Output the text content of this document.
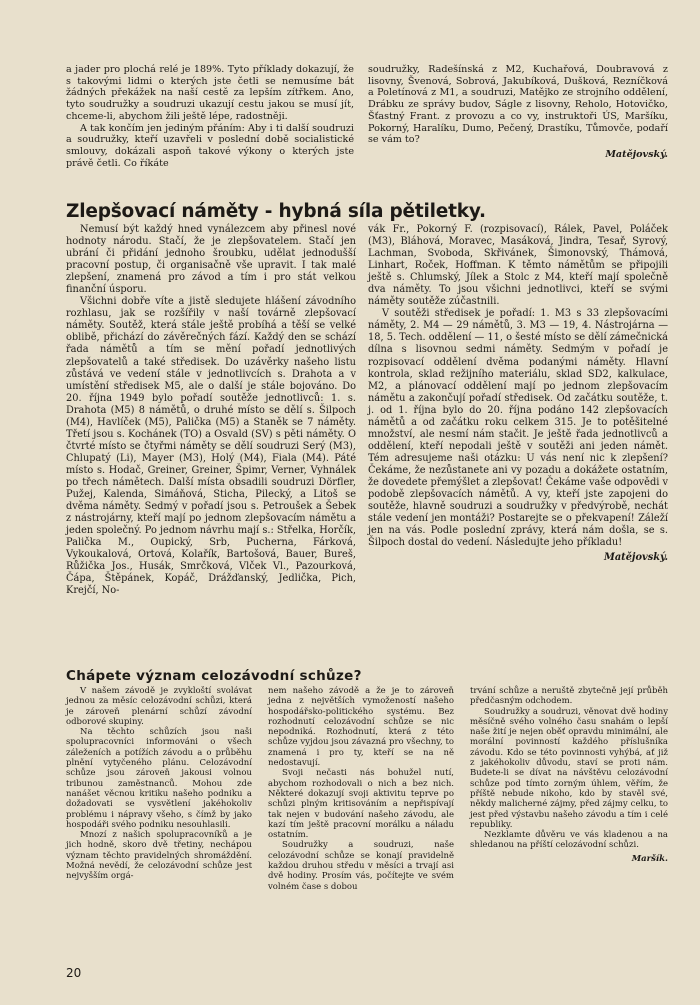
a jader pro plochá relé je 189%. Tyto příklady dokazují, že s takovými lidmi o kterých jste četli se nemusíme bát žádných překážek na naší cestě za lepším zítřkem. Ano, tyto soudružky a soudruzi ukazují cestu jakou se musí jít, chceme-li, abychom žili ještě lépe, radostněji.

A tak končím jen jediným přáním: Aby i ti další soudruzi a soudružky, kteří uzavřeli v poslední době socialistické smlouvy, dokázali aspoň takové výkony o kterých jste právě četli. Co říkáte

soudružky, Radešínská z M2, Kuchařová, Doubravová z lisovny, Švenová, Sobrová, Jakubíková, Dušková, Rezníčková a Poletínová z M1, a soudruzi, Matějko ze strojního oddělení, Drábku ze správy budov, Ságle z lisovny, Reholo, Hotovičko, Šťastný Frant. z provozu a co vy, instruktoři ÚS, Maršíku, Pokorný, Haralíku, Dumo, Pečený, Drastíku, Tůmovče, podaří se vám to?

Matějovský.
Zlepšovací náměty - hybná síla pětiletky.

Nemusí být každý hned vynálezcem aby přinesl nové hodnoty národu. Stačí, že je zlepšovatelem. Stačí jen ubrání či přidání jednoho šroubku, udělat jednodušší pracovní postup, či organisačně vše upravit. I tak malé zlepšení, znamená pro závod a tím i pro stát velkou finanční úsporu.

Všichni dobře víte a jistě sledujete hlášení závodního rozhlasu, jak se rozšířily v naší továrně zlepšovací náměty. Soutěž, která stále ještě probíhá a těší se velké oblibě, přichází do závěrečných fází. Každý den se schází řada námětů a tím se mění pořadí jednotlivých zlepšovatelů a také středisek. Do uzávěrky našeho listu zůstává ve vedení stále v jednotlivcích s. Drahota a v umístění středisek M5, ale o další je stále bojováno. Do 20. října 1949 bylo pořadí soutěže jednotlivců: 1. s. Drahota (M5) 8 námětů, o druhé místo se dělí s. Šilpoch (M4), Havlíček (M5), Palička (M5) a Staněk se 7 náměty. Třetí jsou s. Kochánek (TO) a Osvald (SV) s pěti náměty. O čtvrté místo se čtyřmi náměty se dělí soudruzi Serý (M3), Chlupatý (Li), Mayer (M3), Holý (M4), Fiala (M4). Páté místo s. Hodač, Greiner, Greiner, Špimr, Verner, Vyhnálek po třech námětech. Další místa obsadili soudruzi Dörfler, Pužej, Kalenda, Simáňová, Sticha, Pilecký, a Litoš se dvěma náměty. Sedmý v pořadí jsou s. Petroušek a Šebek z nástrojárny, kteří mají po jednom zlepšovacím námětu a jeden společný. Po jednom návrhu mají s.: Střelka, Horčík, Palička M., Oupický, Srb, Pucherna, Fárková, Vykoukalová, Ortová, Kolařík, Bartošová, Bauer, Bureš, Růžička Jos., Husák, Smrčková, Vlček Vl., Pazourková, Čápa, Štěpánek, Kopáč, Drážďanský, Jedlička, Pich, Krejčí, No-

vák Fr., Pokorný F. (rozpisovací), Rálek, Pavel, Poláček (M3), Bláhová, Moravec, Masáková, Jindra, Tesař, Syrový, Lachman, Svoboda, Skřivánek, Šimonovský, Thámová, Linhart, Roček, Hoffman. K těmto námětům se připojili ještě s. Chlumský, Jílek a Stolc z M4, kteří mají společně dva náměty. To jsou všichni jednotlivci, kteří se svými náměty soutěže zúčastnili.

V soutěži středisek je pořadí: 1. M3 s 33 zlepšovacími náměty, 2. M4 — 29 námětů, 3. M3 — 19, 4. Nástrojárna — 18, 5. Tech. oddělení — 11, o šesté místo se dělí zámečnická dílna s lisovnou sedmi náměty. Sedmým v pořadí je rozpisovací oddělení dvěma podanými náměty. Hlavní kontrola, sklad režijního materiálu, sklad SD2, kalkulace, M2, a plánovací oddělení mají po jednom zlepšovacím námětu a zakončují pořadí středisek. Od začátku soutěže, t. j. od 1. října bylo do 20. října podáno 142 zlepšovacích námětů a od začátku roku celkem 315. Je to potěšitelné množství, ale nesmí nám stačit. Je ještě řada jednotlivců a oddělení, kteří nepodali ještě v soutěži ani jeden námět. Tém adresujeme naši otázku: U vás není nic k zlepšení? Čekáme, že nezůstanete ani vy pozadu a dokážete ostatním, že dovedete přemýšlet a zlepšovat! Čekáme vaše odpovědi v podobě zlepšovacích námětů. A vy, kteří jste zapojeni do soutěže, hlavně soudruzi a soudružky v předvýrobě, nechát stále vedení jen montáži? Postarejte se o překvapení! Záleží jen na vás. Podle poslední zprávy, která nám došla, se s. Šilpoch dostal do vedení. Následujte jeho příkladu!

Matějovský.
Chápete význam celozávodní schůze?

V našem závodě je zvykloští svolávat jednou za měsíc celozávodní schůzi, která je zároveň plenární schůzí závodní odborové skupiny.

Na těchto schůzích jsou naši spolupracovníci informováni o všech záleženích a potížích závodu a o průběhu plnění vytyčeného plánu. Celozávodní schůze jsou zároveň jakousi volnou tribunou zaměstnanců. Mohou zde nanášet věcnou kritiku našeho podniku a dožadovati se vysvětlení jakéhokoliv problému i nápravy všeho, s čímž by jako hospodáři svého podniku nesouhlasili.

Mnozí z našich spolupracovníků a je jich hodně, skoro dvě třetiny, nechápou význam těchto pravidelných shromáždění. Možná nevědí, že celozávodní schůze jest nejvyšším orgá-

nem našeho závodě a že je to zároveň jedna z největších vymožeností našeho hospodářsko-politického systému. Bez rozhodnutí celozávodní schůze se nic nepodniká. Rozhodnutí, která z této schůze vyjdou jsou závazná pro všechny, to znamená i pro ty, kteří se na ně nedostavují.

Svoji nečasti nás bohužel nutí, abychom rozhodovali o nich a bez nich. Některé dokazují svoji aktivitu teprve po schůzi plným kritisováním a nepřispívají tak nejen v budování našeho závodu, ale kazí tím ještě pracovní morálku a náladu ostatním.

Soudružky a soudruzi, naše celozávodní schůze se konají pravidelně každou druhou středu v měsíci a trvají asi dvě hodiny. Prosím vás, počítejte ve svém volném čase s dobou

trvání schůze a neruště zbytečně její průběh předčasným odchodem.

Soudružky a soudruzi, věnovat dvě hodiny měsíčně svého volného času snahám o lepší naše žití je nejen oběť opravdu minimální, ale morální povinností každého příslušníka závodu. Kdo se této povinnosti vyhýbá, ať již z jakéhokoliv důvodu, staví se proti nám. Budete-li se dívat na návštěvu celozávodní schůze pod tímto zorným úhlem, věřím, že příště nebude nikoho, kdo by stavěl své, někdy malicherné zájmy, před zájmy celku, to jest před výstavbu našeho závodu a tím i celé republiky.

Nezklamte důvěru ve vás kladenou a na shledanou na příští celozávodní schůzi.

Maršík.
20
